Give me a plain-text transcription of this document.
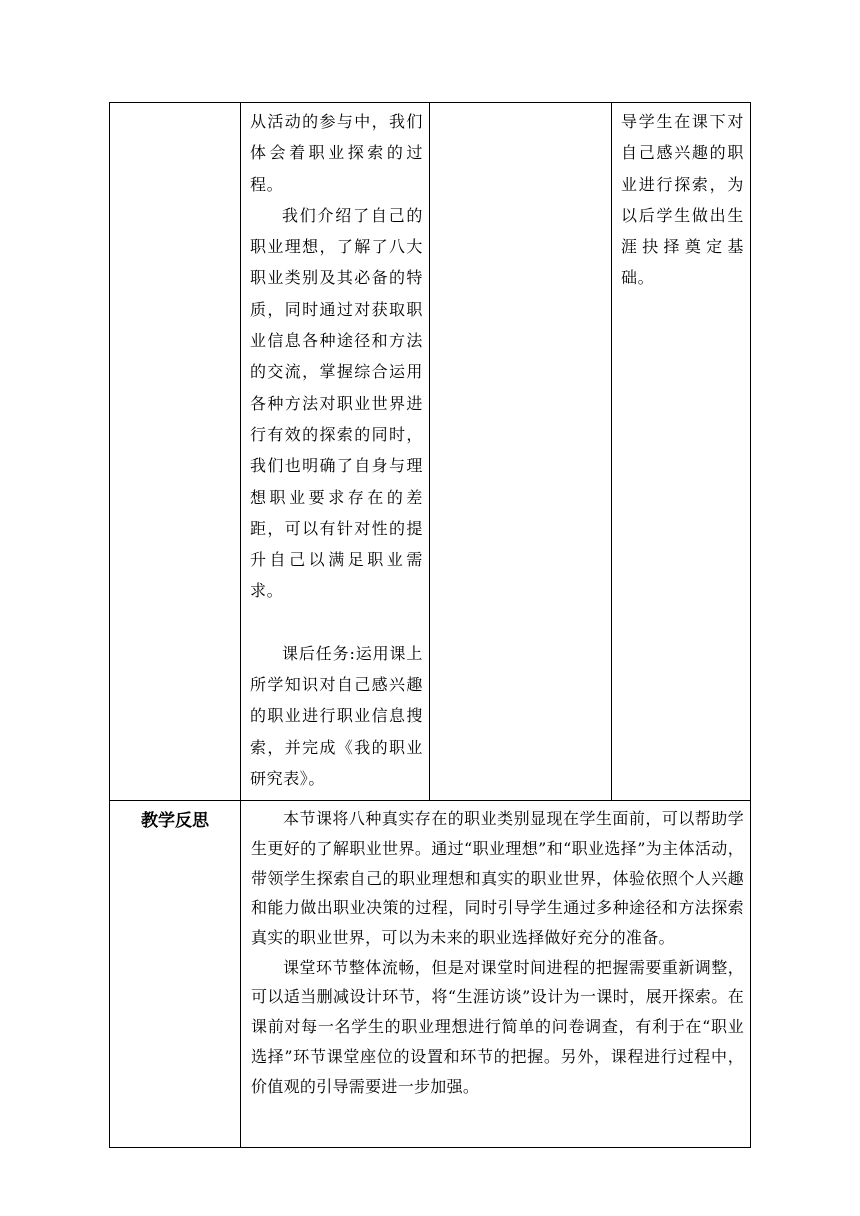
	从活动的参与中，我们体会着职业探索的过程。

我们介绍了自己的职业理想，了解了八大职业类别及其必备的特质，同时通过对获取职业信息各种途径和方法的交流，掌握综合运用各种方法对职业世界进行有效的探索的同时，我们也明确了自身与理想职业要求存在的差距，可以有针对性的提升自己以满足职业需求。

课后任务:运用课上所学知识对自己感兴趣的职业进行职业信息搜索，并完成《我的职业研究表》。		导学生在课下对自己感兴趣的职业进行探索，为以后学生做出生涯抉择奠定基础。

教学反思	本节课将八种真实存在的职业类别显现在学生面前，可以帮助学生更好的了解职业世界。通过“职业理想”和“职业选择”为主体活动，带领学生探索自己的职业理想和真实的职业世界，体验依照个人兴趣和能力做出职业决策的过程，同时引导学生通过多种途径和方法探索真实的职业世界，可以为未来的职业选择做好充分的准备。

课堂环节整体流畅，但是对课堂时间进程的把握需要重新调整，可以适当删减设计环节，将“生涯访谈”设计为一课时，展开探索。在课前对每一名学生的职业理想进行简单的问卷调查，有利于在“职业选择”环节课堂座位的设置和环节的把握。另外，课程进行过程中，价值观的引导需要进一步加强。		
